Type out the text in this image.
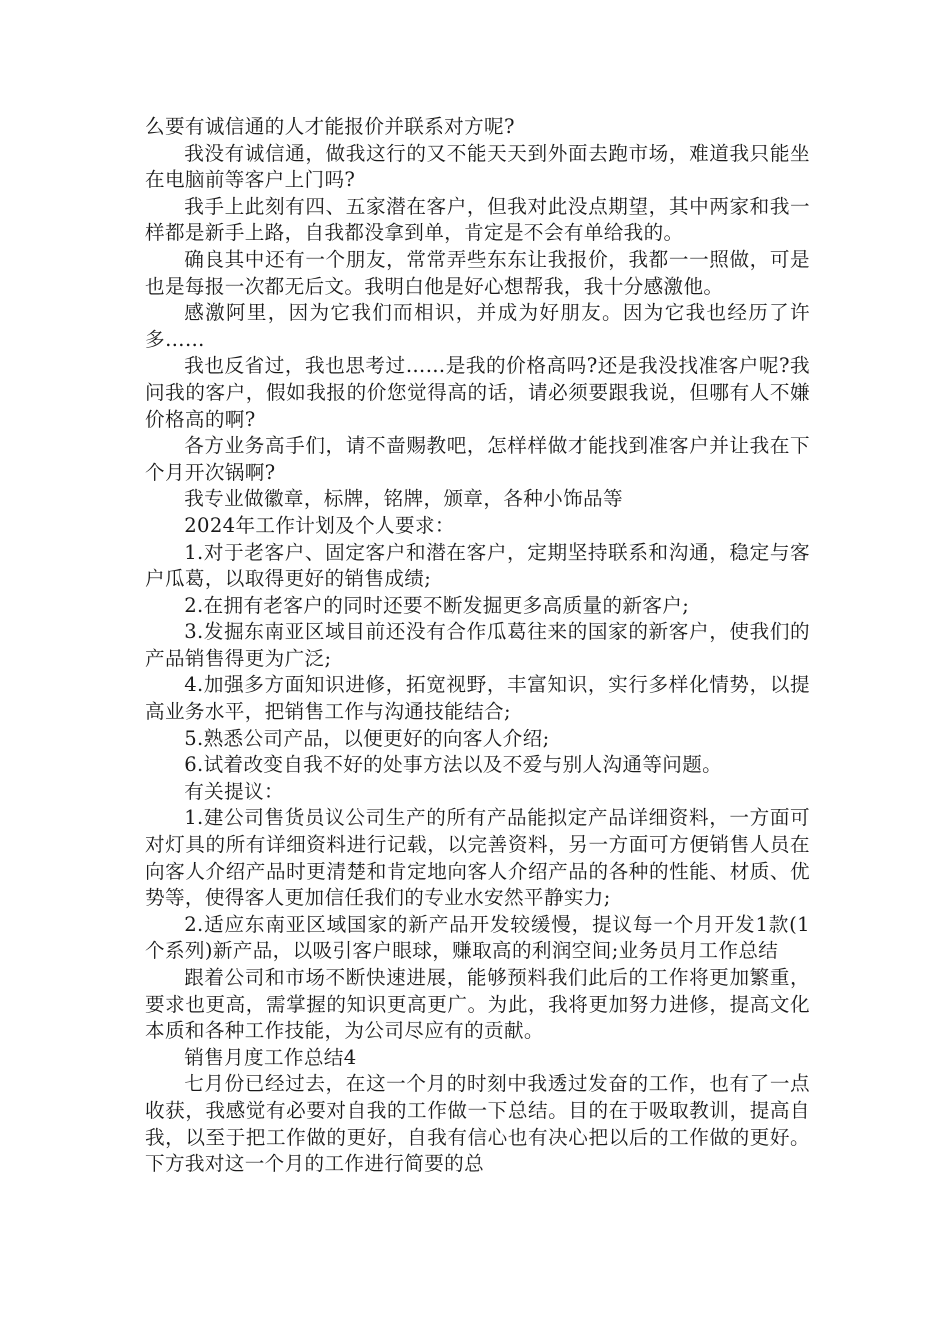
么要有诚信通的人才能报价并联系对方呢?

我没有诚信通，做我这行的又不能天天到外面去跑市场，难道我只能坐在电脑前等客户上门吗?

我手上此刻有四、五家潜在客户，但我对此没点期望，其中两家和我一样都是新手上路，自我都没拿到单，肯定是不会有单给我的。

确良其中还有一个朋友，常常弄些东东让我报价，我都一一照做，可是也是每报一次都无后文。我明白他是好心想帮我，我十分感激他。

感激阿里，因为它我们而相识，并成为好朋友。因为它我也经历了许多……

我也反省过，我也思考过……是我的价格高吗?还是我没找准客户呢?我问我的客户，假如我报的价您觉得高的话，请必须要跟我说，但哪有人不嫌价格高的啊?

各方业务高手们，请不啬赐教吧，怎样样做才能找到准客户并让我在下个月开次锅啊?

我专业做徽章，标牌，铭牌，颁章，各种小饰品等

2024年工作计划及个人要求：

1.对于老客户、固定客户和潜在客户，定期坚持联系和沟通，稳定与客户瓜葛，以取得更好的销售成绩;

2.在拥有老客户的同时还要不断发掘更多高质量的新客户;

3.发掘东南亚区域目前还没有合作瓜葛往来的国家的新客户，使我们的产品销售得更为广泛;

4.加强多方面知识进修，拓宽视野，丰富知识，实行多样化情势，以提高业务水平，把销售工作与沟通技能结合;

5.熟悉公司产品，以便更好的向客人介绍;

6.试着改变自我不好的处事方法以及不爱与别人沟通等问题。

有关提议：

1.建公司售货员议公司生产的所有产品能拟定产品详细资料，一方面可对灯具的所有详细资料进行记载，以完善资料，另一方面可方便销售人员在向客人介绍产品时更清楚和肯定地向客人介绍产品的各种的性能、材质、优势等，使得客人更加信任我们的专业水安然平静实力;

2.适应东南亚区域国家的新产品开发较缓慢，提议每一个月开发1款(1个系列)新产品，以吸引客户眼球，赚取高的利润空间;业务员月工作总结

跟着公司和市场不断快速进展，能够预料我们此后的工作将更加繁重，要求也更高，需掌握的知识更高更广。为此，我将更加努力进修，提高文化本质和各种工作技能，为公司尽应有的贡献。

销售月度工作总结4

七月份已经过去，在这一个月的时刻中我透过发奋的工作，也有了一点收获，我感觉有必要对自我的工作做一下总结。目的在于吸取教训，提高自我，以至于把工作做的更好，自我有信心也有决心把以后的工作做的更好。下方我对这一个月的工作进行简要的总
